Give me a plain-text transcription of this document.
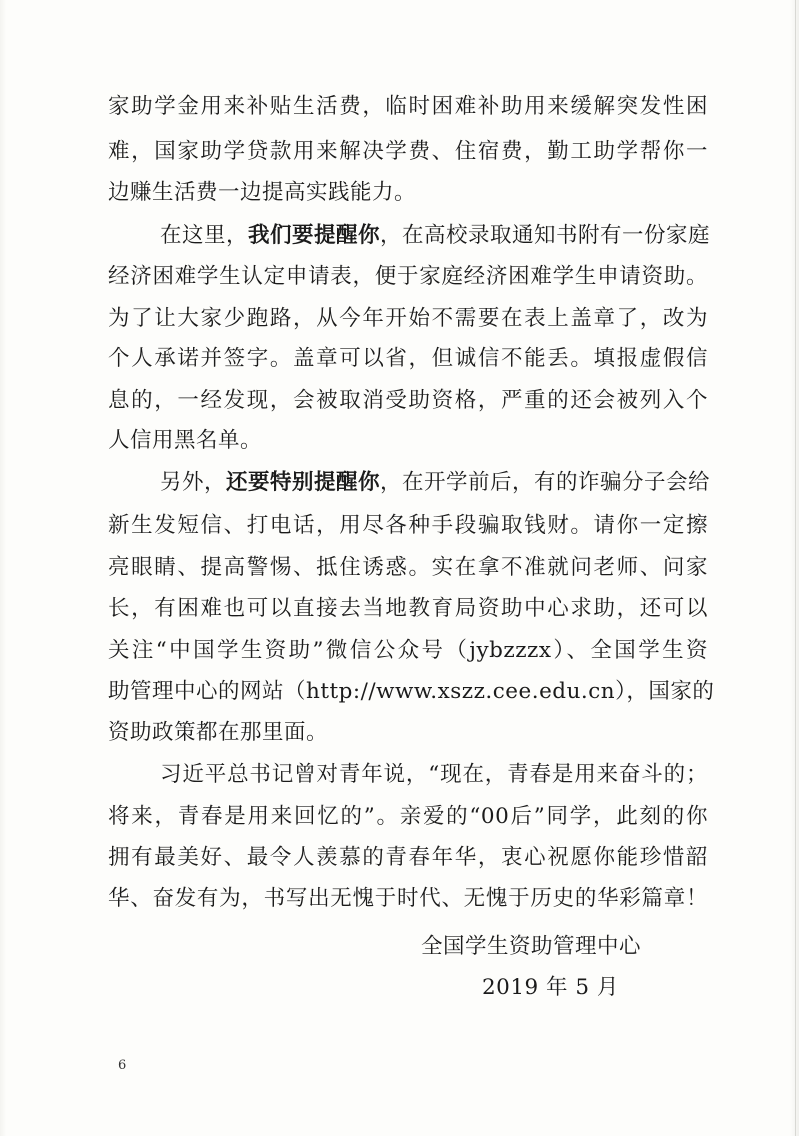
家助学金用来补贴生活费，临时困难补助用来缓解突发性困
难，国家助学贷款用来解决学费、住宿费，勤工助学帮你一
边赚生活费一边提高实践能力。
在这里，我们要提醒你，在高校录取通知书附有一份家庭
经济困难学生认定申请表，便于家庭经济困难学生申请资助。
为了让大家少跑路，从今年开始不需要在表上盖章了，改为
个人承诺并签字。盖章可以省，但诚信不能丢。填报虚假信
息的，一经发现，会被取消受助资格，严重的还会被列入个
人信用黑名单。
另外，还要特别提醒你，在开学前后，有的诈骗分子会给
新生发短信、打电话，用尽各种手段骗取钱财。请你一定擦
亮眼睛、提高警惕、抵住诱惑。实在拿不准就问老师、问家
长，有困难也可以直接去当地教育局资助中心求助，还可以
关注“中国学生资助”微信公众号（jybzzzx）、全国学生资
助管理中心的网站（http://www.xszz.cee.edu.cn），国家的
资助政策都在那里面。
习近平总书记曾对青年说，“现在，青春是用来奋斗的；
将来，青春是用来回忆的”。亲爱的“00后”同学，此刻的你
拥有最美好、最令人羡慕的青春年华，衷心祝愿你能珍惜韶
华、奋发有为，书写出无愧于时代、无愧于历史的华彩篇章！
全国学生资助管理中心
2019 年 5 月
6
